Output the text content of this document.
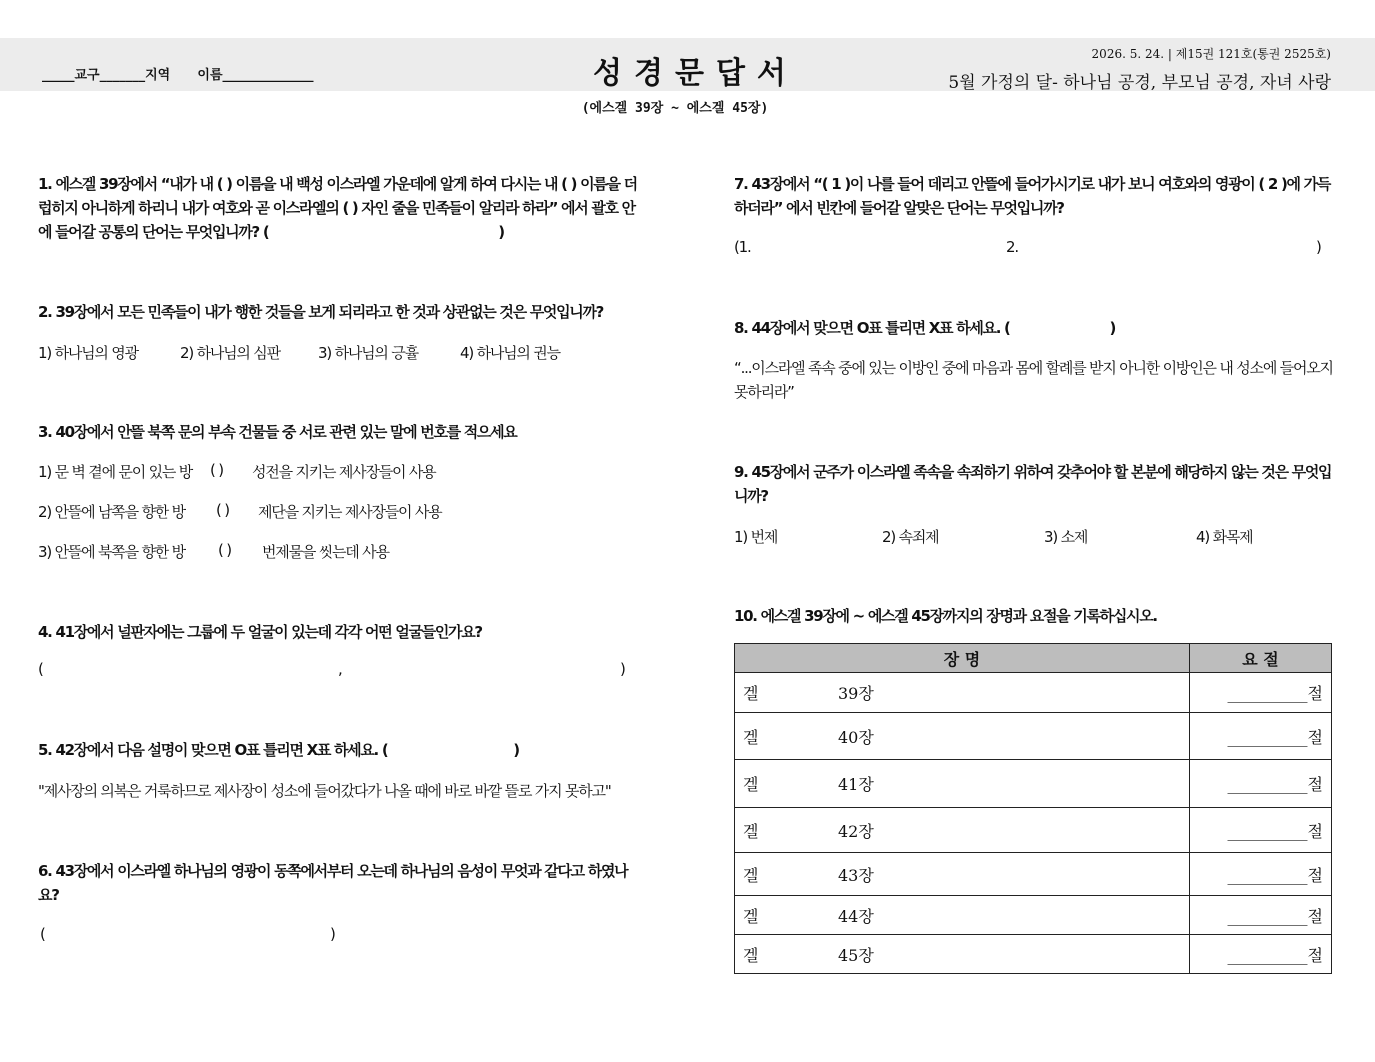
_____교구_______지역      이름______________	성경문답서
2026. 5. 24. | 제15권 121호(통권 2525호)
5월 가정의 달- 하나님 공경, 부모님 공경, 자녀 사랑
(에스겔 39장 ~ 에스겔 45장)
1. 에스겔 39장에서 “내가 내 ( ) 이름을 내 백성 이스라엘 가운데에 알게 하여 다시는 내 ( ) 이름을 더럽히지 아니하게 하리니 내가 여호와 곧 이스라엘의 ( ) 자인 줄을 민족들이 알리라 하라” 에서 괄호 안에 들어갈 공통의 단어는 무엇입니까? (	)
2. 39장에서 모든 민족들이 내가 행한 것들을 보게 되리라고 한 것과 상관없는 것은 무엇입니까?
1) 하나님의 영광	2) 하나님의 심판	3) 하나님의 긍휼	4) 하나님의 권능
3. 40장에서 안뜰 북쪽 문의 부속 건물들 중 서로 관련 있는 말에 번호를 적으세요
1) 문 벽 곁에 문이 있는 방 ( ) 성전을 지키는 제사장들이 사용
2) 안뜰에 남쪽을 향한 방 ( ) 제단을 지키는 제사장들이 사용
3) 안뜰에 북쪽을 향한 방 ( ) 번제물을 씻는데 사용
4. 41장에서 널판자에는 그룹에 두 얼굴이 있는데 각각 어떤 얼굴들인가요?
(	,	)
5. 42장에서 다음 설명이 맞으면 O표 틀리면 X표 하세요. (	)
"제사장의 의복은 거룩하므로 제사장이 성소에 들어갔다가 나올 때에 바로 바깥 뜰로 가지 못하고"
6. 43장에서 이스라엘 하나님의 영광이 동쪽에서부터 오는데 하나님의 음성이 무엇과 같다고 하였나요?
(	)
7. 43장에서 “( 1 )이 나를 들어 데리고 안뜰에 들어가시기로 내가 보니 여호와의 영광이 ( 2 )에 가득하더라” 에서 빈칸에 들어갈 알맞은 단어는 무엇입니까?
(1.	2.	)
8. 44장에서 맞으면 O표 틀리면 X표 하세요. (	)
“...이스라엘 족속 중에 있는 이방인 중에 마음과 몸에 할례를 받지 아니한 이방인은 내 성소에 들어오지 못하리라”
9. 45장에서 군주가 이스라엘 족속을 속죄하기 위하여 갖추어야 할 본분에 해당하지 않는 것은 무엇입니까?
1) 번제	2) 속죄제	3) 소제	4) 화목제
10. 에스겔 39장에 ~ 에스겔 45장까지의 장명과 요절을 기록하십시오.
장 명	요 절
겔 39장	__________절
겔 40장	__________절
겔 41장	__________절
겔 42장	__________절
겔 43장	__________절
겔 44장	__________절
겔 45장	__________절
